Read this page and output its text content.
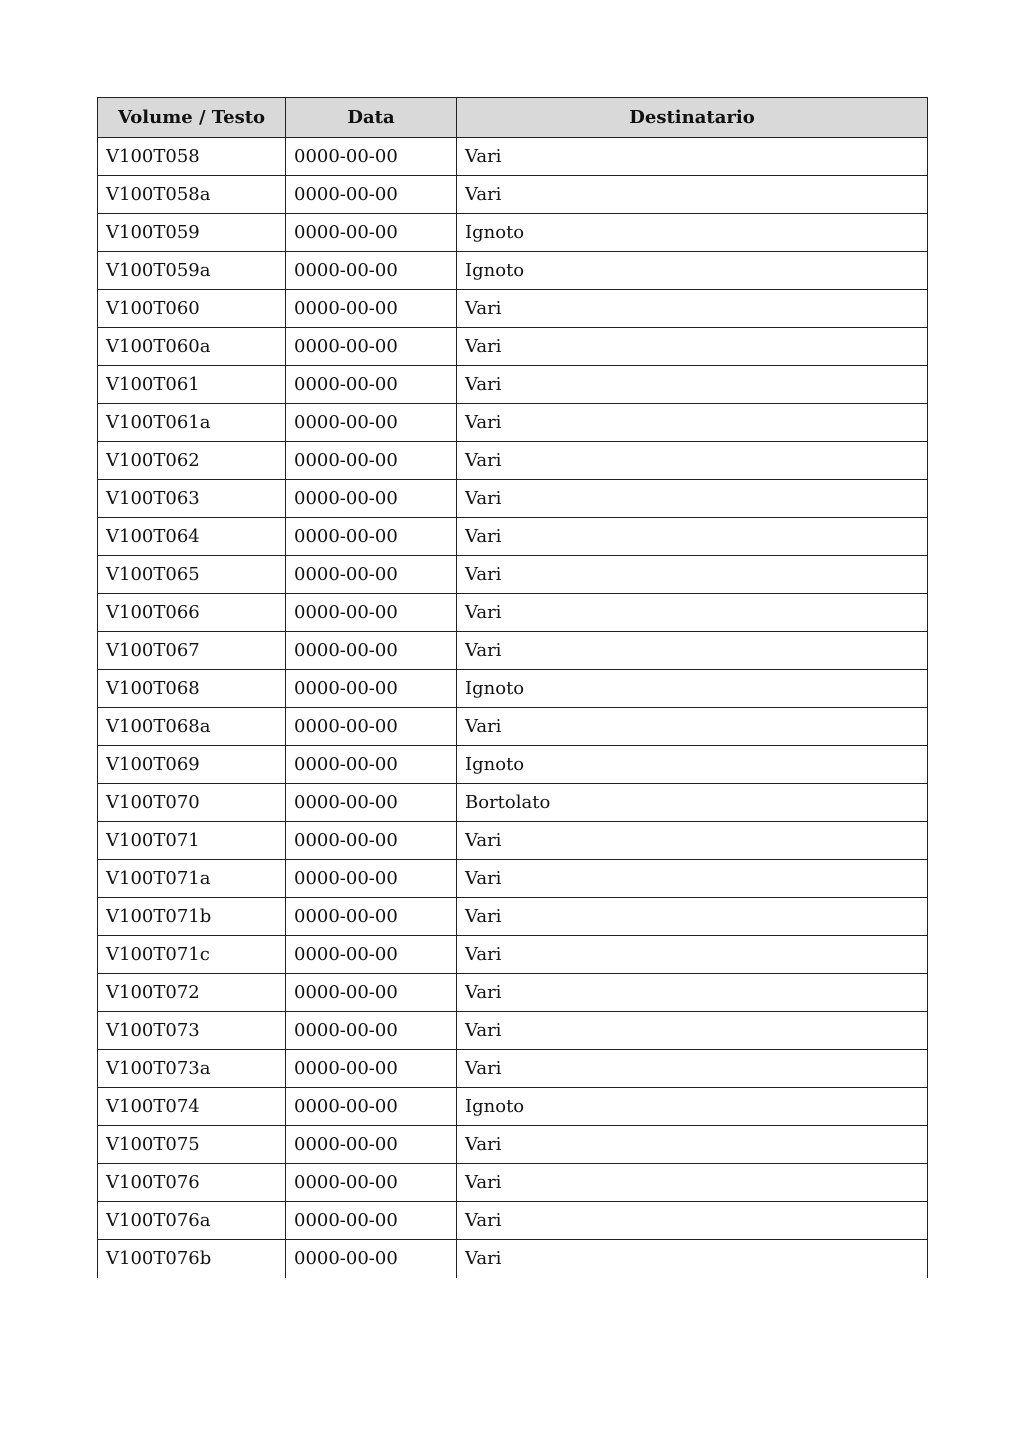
Volume / Testo	Data	Destinatario
V100T058	0000-00-00	Vari
V100T058a	0000-00-00	Vari
V100T059	0000-00-00	Ignoto
V100T059a	0000-00-00	Ignoto
V100T060	0000-00-00	Vari
V100T060a	0000-00-00	Vari
V100T061	0000-00-00	Vari
V100T061a	0000-00-00	Vari
V100T062	0000-00-00	Vari
V100T063	0000-00-00	Vari
V100T064	0000-00-00	Vari
V100T065	0000-00-00	Vari
V100T066	0000-00-00	Vari
V100T067	0000-00-00	Vari
V100T068	0000-00-00	Ignoto
V100T068a	0000-00-00	Vari
V100T069	0000-00-00	Ignoto
V100T070	0000-00-00	Bortolato
V100T071	0000-00-00	Vari
V100T071a	0000-00-00	Vari
V100T071b	0000-00-00	Vari
V100T071c	0000-00-00	Vari
V100T072	0000-00-00	Vari
V100T073	0000-00-00	Vari
V100T073a	0000-00-00	Vari
V100T074	0000-00-00	Ignoto
V100T075	0000-00-00	Vari
V100T076	0000-00-00	Vari
V100T076a	0000-00-00	Vari
V100T076b	0000-00-00	Vari
